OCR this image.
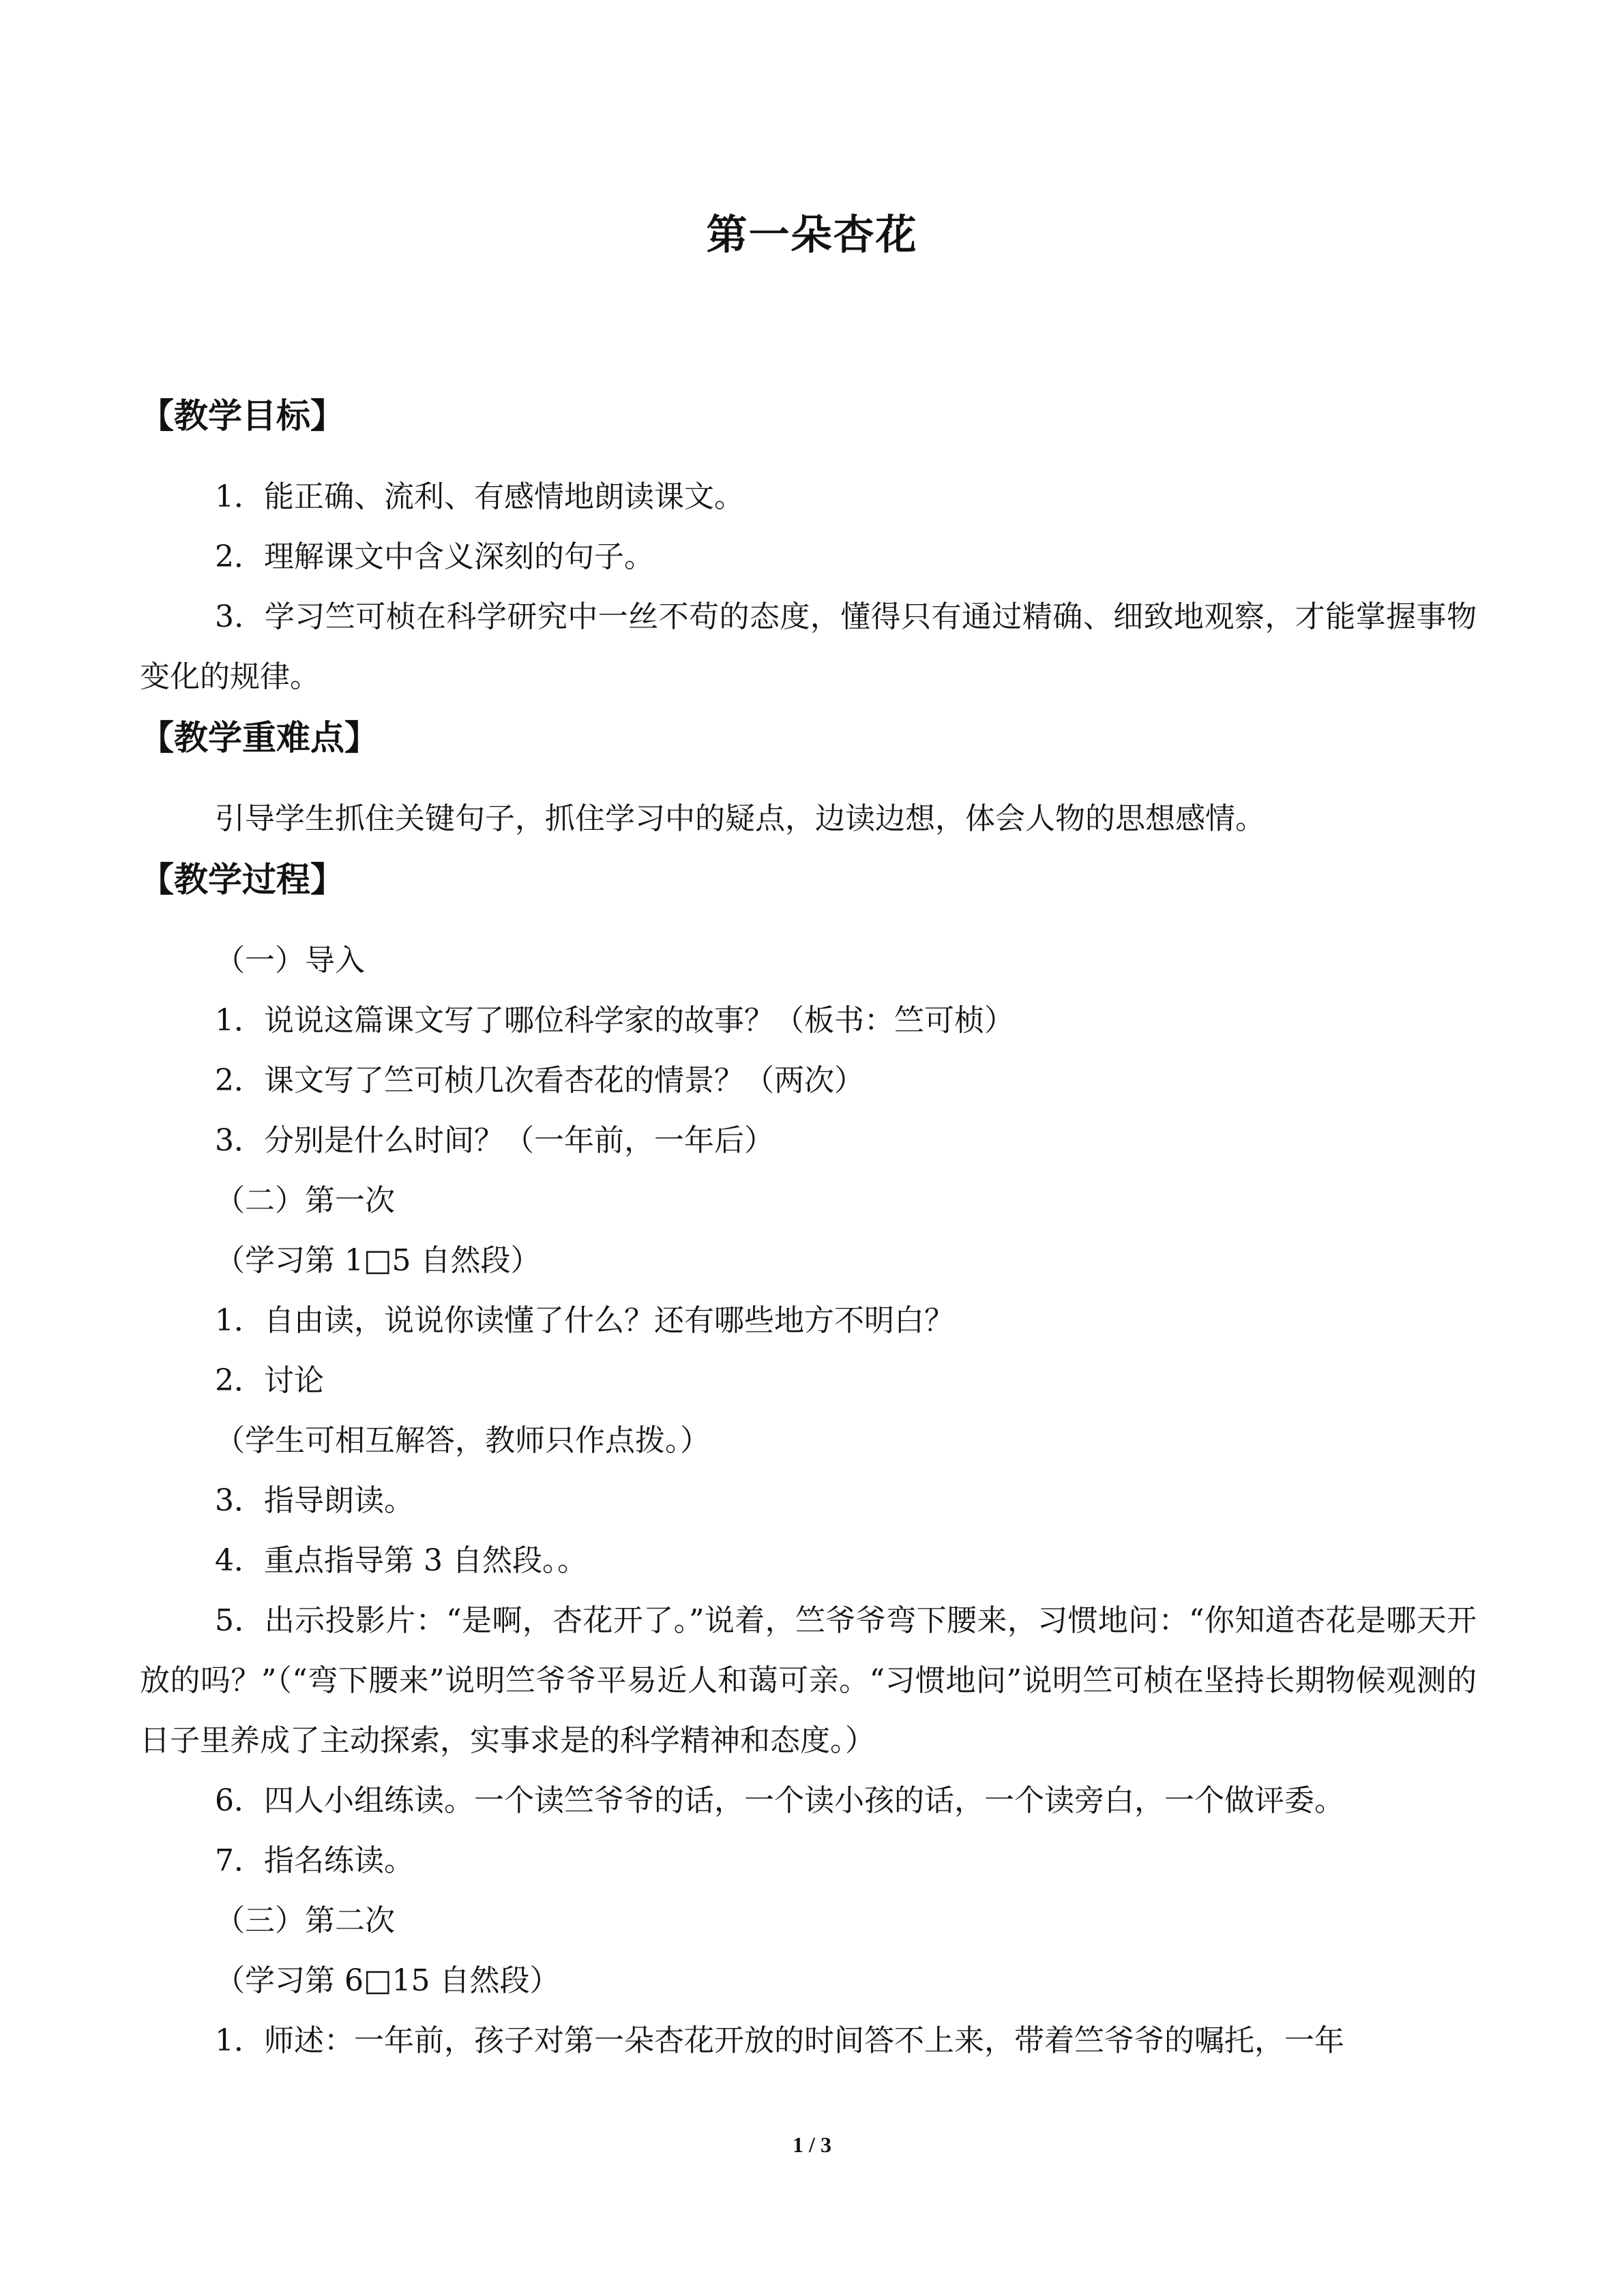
第一朵杏花
【教学目标】

1．能正确、流利、有感情地朗读课文。

2．理解课文中含义深刻的句子。

3．学习竺可桢在科学研究中一丝不苟的态度，懂得只有通过精确、细致地观察，才能掌握事物变化的规律。

【教学重难点】

引导学生抓住关键句子，抓住学习中的疑点，边读边想，体会人物的思想感情。

【教学过程】

（一）导入

1．说说这篇课文写了哪位科学家的故事？（板书：竺可桢）

2．课文写了竺可桢几次看杏花的情景？（两次）

3．分别是什么时间？（一年前，一年后）

（二）第一次

（学习第 1□5 自然段）

1．自由读，说说你读懂了什么？还有哪些地方不明白？

2．讨论

（学生可相互解答，教师只作点拨。）

3．指导朗读。

4．重点指导第 3 自然段。。

5．出示投影片：“是啊，杏花开了。”说着，竺爷爷弯下腰来，习惯地问：“你知道杏花是哪天开放的吗？”（“弯下腰来”说明竺爷爷平易近人和蔼可亲。“习惯地问”说明竺可桢在坚持长期物候观测的日子里养成了主动探索，实事求是的科学精神和态度。）

6．四人小组练读。一个读竺爷爷的话，一个读小孩的话，一个读旁白，一个做评委。

7．指名练读。

（三）第二次

（学习第 6□15 自然段）

1．师述：一年前，孩子对第一朵杏花开放的时间答不上来，带着竺爷爷的嘱托，一年

1 / 3
